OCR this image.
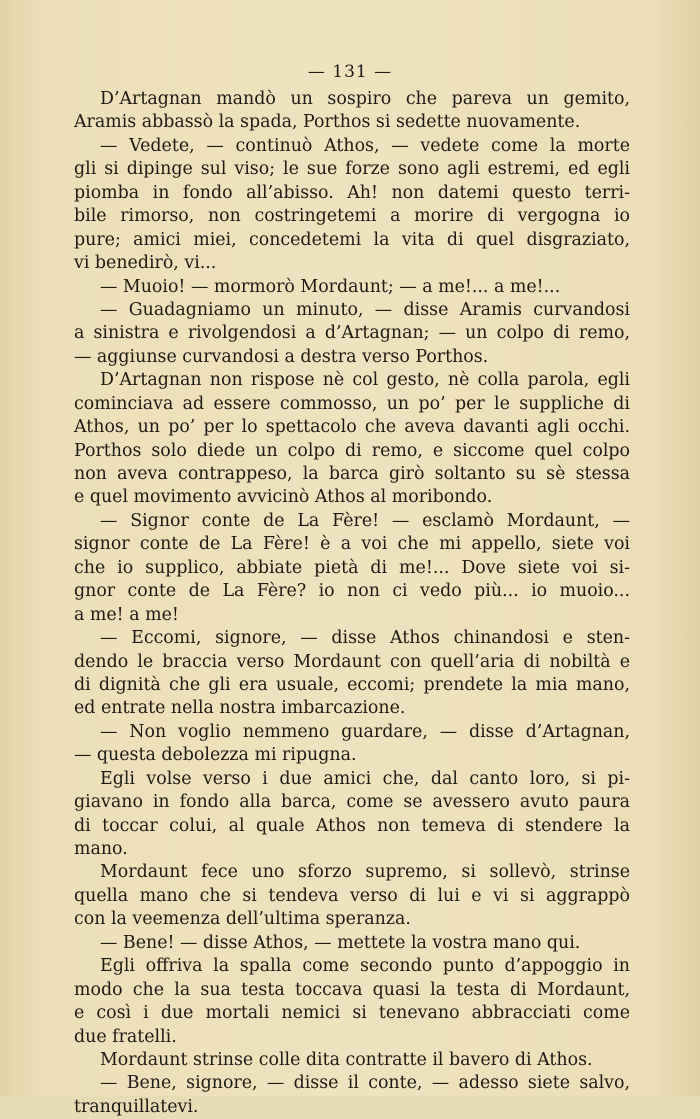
— 131 —
D’Artagnan mandò un sospiro che pareva un gemito,
Aramis abbassò la spada, Porthos si sedette nuovamente.
— Vedete, — continuò Athos, — vedete come la morte
gli si dipinge sul viso; le sue forze sono agli estremi, ed egli
piomba in fondo all’abisso. Ah! non datemi questo terri-
bile rimorso, non costringetemi a morire di vergogna io
pure; amici miei, concedetemi la vita di quel disgraziato,
vi benedirò, vi...
— Muoio! — mormorò Mordaunt; — a me!... a me!...
— Guadagniamo un minuto, — disse Aramis curvandosi
a sinistra e rivolgendosi a d’Artagnan; — un colpo di remo,
— aggiunse curvandosi a destra verso Porthos.
D’Artagnan non rispose nè col gesto, nè colla parola, egli
cominciava ad essere commosso, un po’ per le suppliche di
Athos, un po’ per lo spettacolo che aveva davanti agli occhi.
Porthos solo diede un colpo di remo, e siccome quel colpo
non aveva contrappeso, la barca girò soltanto su sè stessa
e quel movimento avvicinò Athos al moribondo.
— Signor conte de La Fère! — esclamò Mordaunt, —
signor conte de La Fère! è a voi che mi appello, siete voi
che io supplico, abbiate pietà di me!... Dove siete voi si-
gnor conte de La Fère? io non ci vedo più... io muoio...
a me! a me!
— Eccomi, signore, — disse Athos chinandosi e sten-
dendo le braccia verso Mordaunt con quell’aria di nobiltà e
di dignità che gli era usuale, eccomi; prendete la mia mano,
ed entrate nella nostra imbarcazione.
— Non voglio nemmeno guardare, — disse d’Artagnan,
— questa debolezza mi ripugna.
Egli volse verso i due amici che, dal canto loro, si pi-
giavano in fondo alla barca, come se avessero avuto paura
di toccar colui, al quale Athos non temeva di stendere la
mano.
Mordaunt fece uno sforzo supremo, si sollevò, strinse
quella mano che si tendeva verso di lui e vi si aggrappò
con la veemenza dell’ultima speranza.
— Bene! — disse Athos, — mettete la vostra mano qui.
Egli offriva la spalla come secondo punto d’appoggio in
modo che la sua testa toccava quasi la testa di Mordaunt,
e così i due mortali nemici si tenevano abbracciati come
due fratelli.
Mordaunt strinse colle dita contratte il bavero di Athos.
— Bene, signore, — disse il conte, — adesso siete salvo,
tranquillatevi.
